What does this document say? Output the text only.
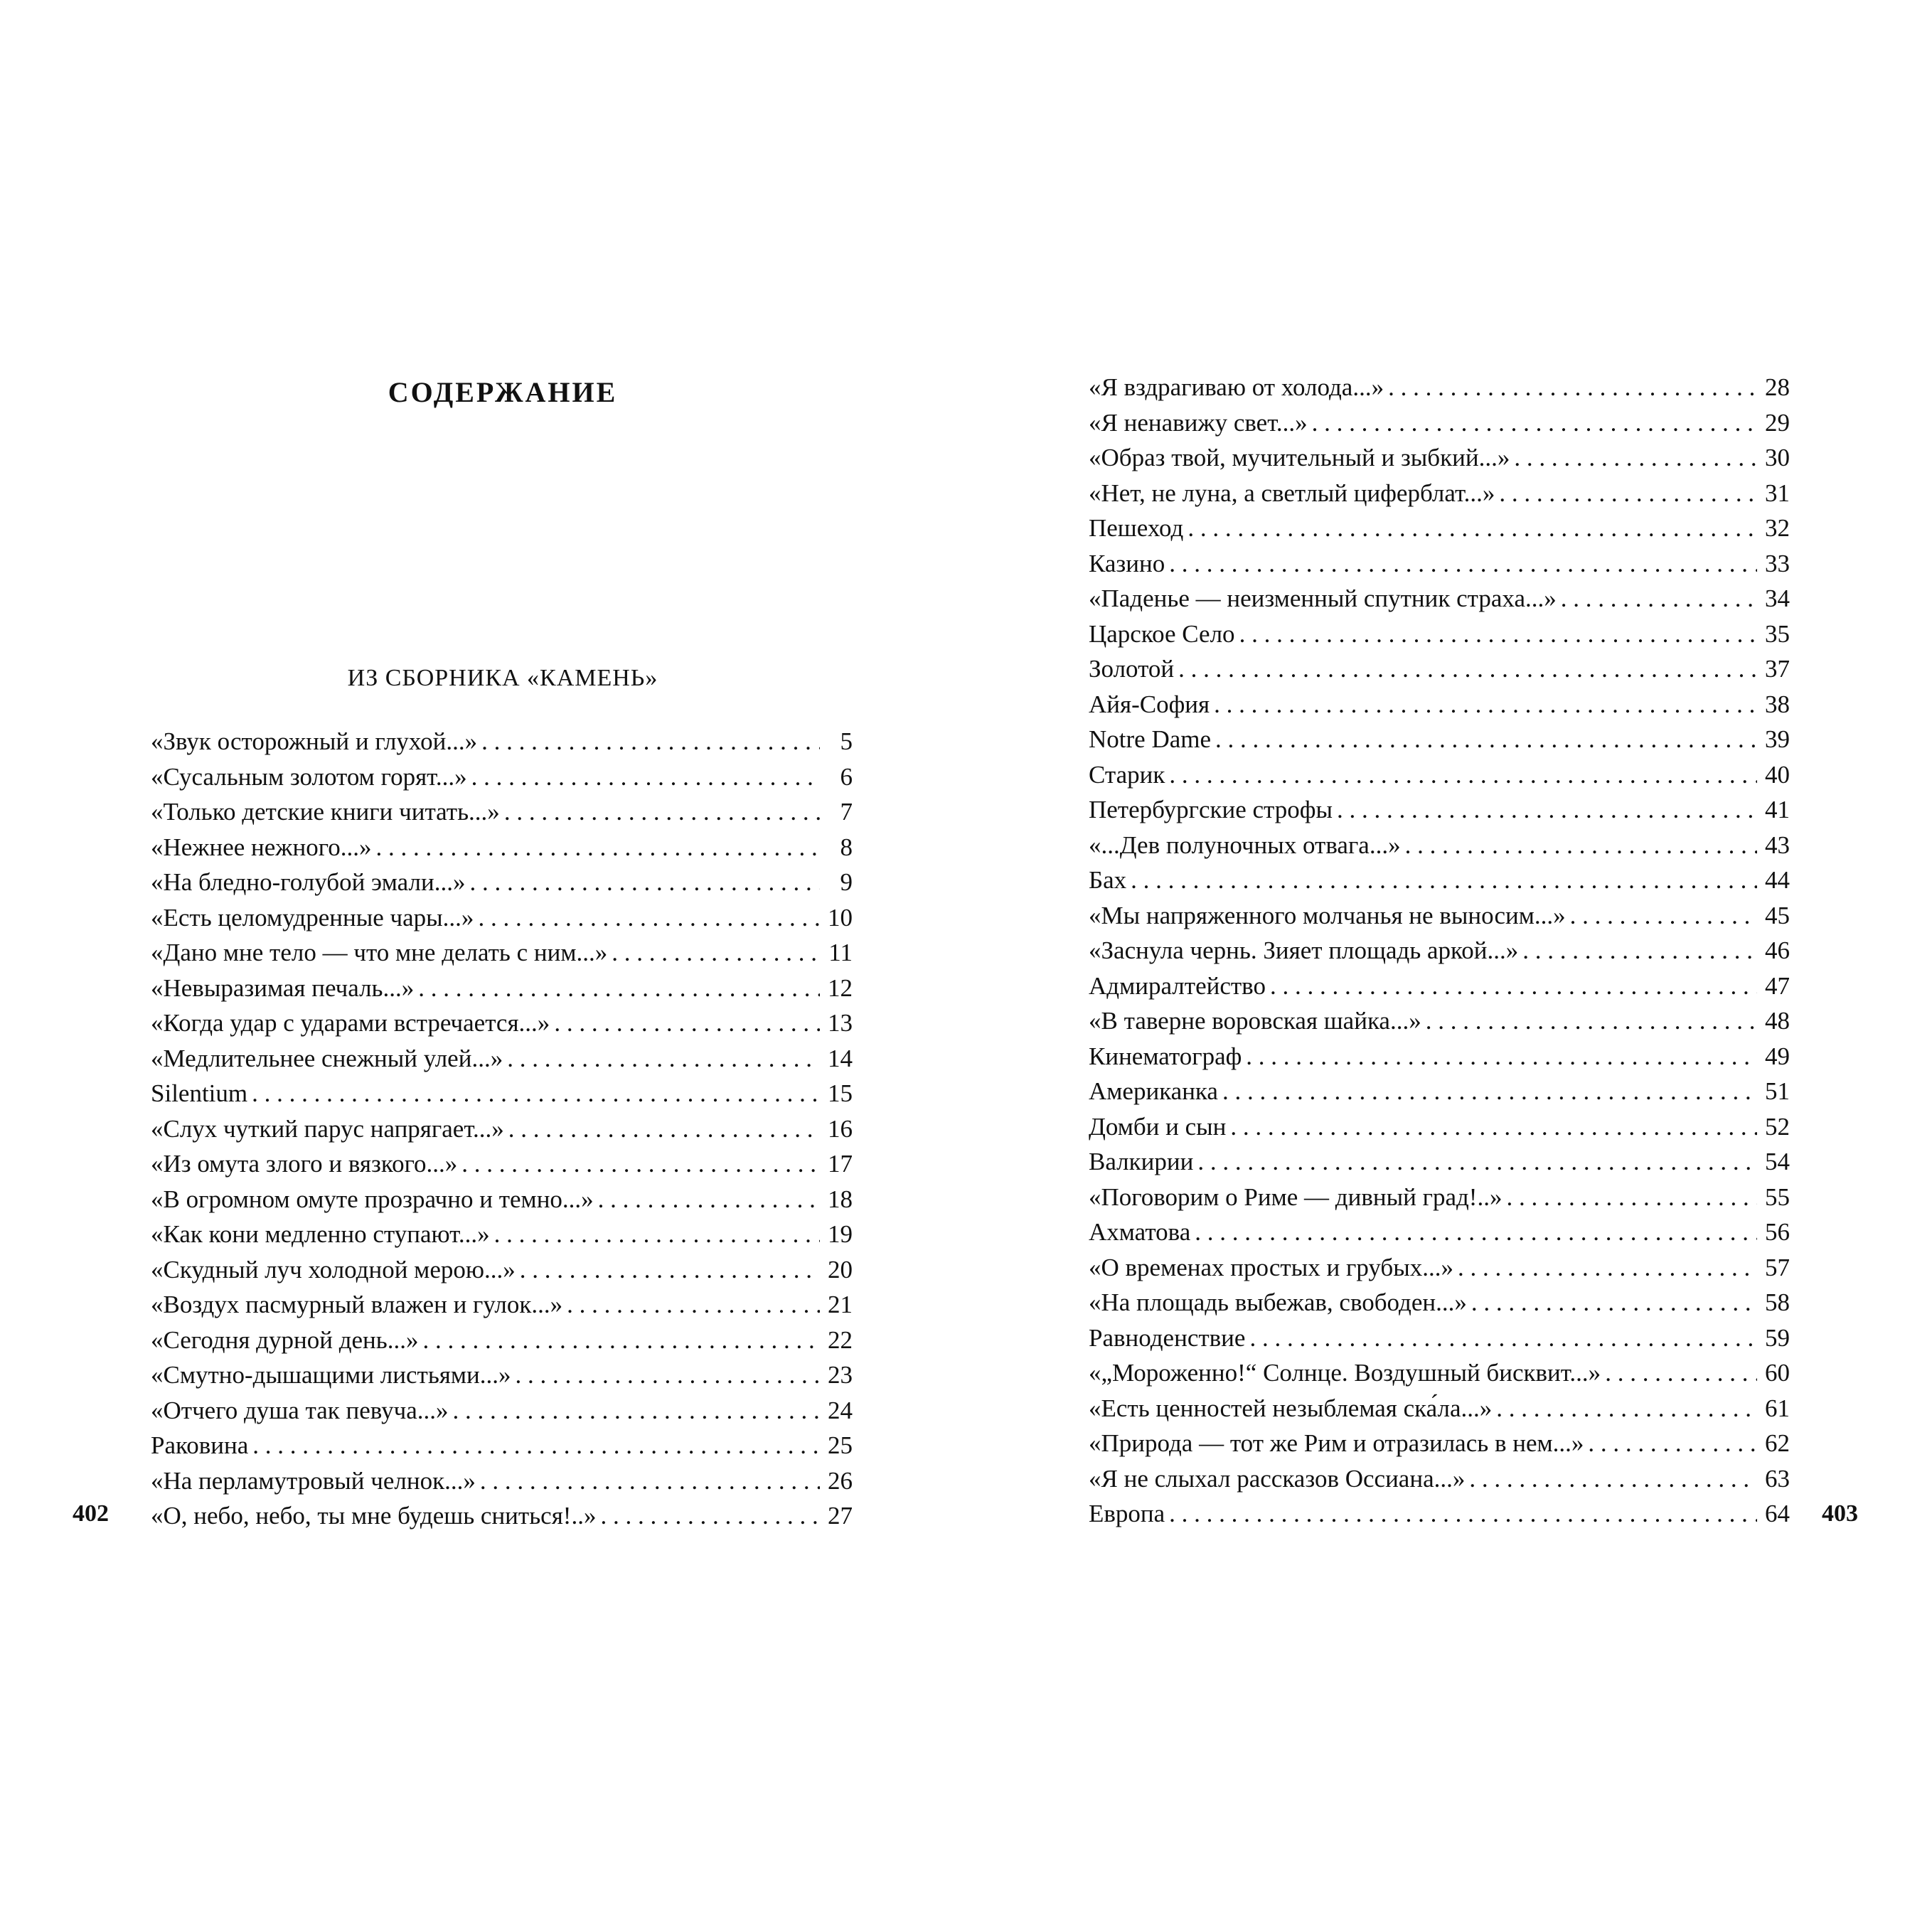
СОДЕРЖАНИЕ
ИЗ СБОРНИКА «КАМЕНЬ»
«Звук осторожный и глухой...» . . .	5
«Сусальным золотом горят...» . . .	6
«Только детские книги читать...» . . .	7
«Нежнее нежного...» . . .	8
«На бледно-голубой эмали...» . . .	9
«Есть целомудренные чары...» . . .	10
«Дано мне тело — что мне делать с ним...» . . .	11
«Невыразимая печаль...» . . .	12
«Когда удар с ударами встречается...» . . .	13
«Медлительнее снежный улей...» . . .	14
Silentium . . .	15
«Слух чуткий парус напрягает...» . . .	16
«Из омута злого и вязкого...» . . .	17
«В огромном омуте прозрачно и темно...» . . .	18
«Как кони медленно ступают...» . . .	19
«Скудный луч холодной мерою...» . . .	20
«Воздух пасмурный влажен и гулок...» . . .	21
«Сегодня дурной день...» . . .	22
«Смутно-дышащими листьями...» . . .	23
«Отчего душа так певуча...» . . .	24
Раковина . . .	25
«На перламутровый челнок...» . . .	26
«О, небо, небо, ты мне будешь сниться!..» . . .	27
«Я вздрагиваю от холода...» . . .	28
«Я ненавижу свет...» . . .	29
«Образ твой, мучительный и зыбкий...» . . .	30
«Нет, не луна, а светлый циферблат...» . . .	31
Пешеход . . .	32
Казино . . .	33
«Паденье — неизменный спутник страха...» . . .	34
Царское Село . . .	35
Золотой . . .	37
Айя-София . . .	38
Notre Dame . . .	39
Старик . . .	40
Петербургские строфы . . .	41
«...Дев полуночных отвага...» . . .	43
Бах . . .	44
«Мы напряженного молчанья не выносим...» . . .	45
«Заснула чернь. Зияет площадь аркой...» . . .	46
Адмиралтейство . . .	47
«В таверне воровская шайка...» . . .	48
Кинематограф . . .	49
Американка . . .	51
Домби и сын . . .	52
Валкирии . . .	54
«Поговорим о Риме — дивный град!..» . . .	55
Ахматова . . .	56
«О временах простых и грубых...» . . .	57
«На площадь выбежав, свободен...» . . .	58
Равноденствие . . .	59
«„Мороженно!“ Солнце. Воздушный бисквит...» . . .	60
«Есть ценностей незыблемая ска́ла...» . . .	61
«Природа — тот же Рим и отразилась в нем...» . . .	62
«Я не слыхал рассказов Оссиана...» . . .	63
Европа . . .	64
402	403
